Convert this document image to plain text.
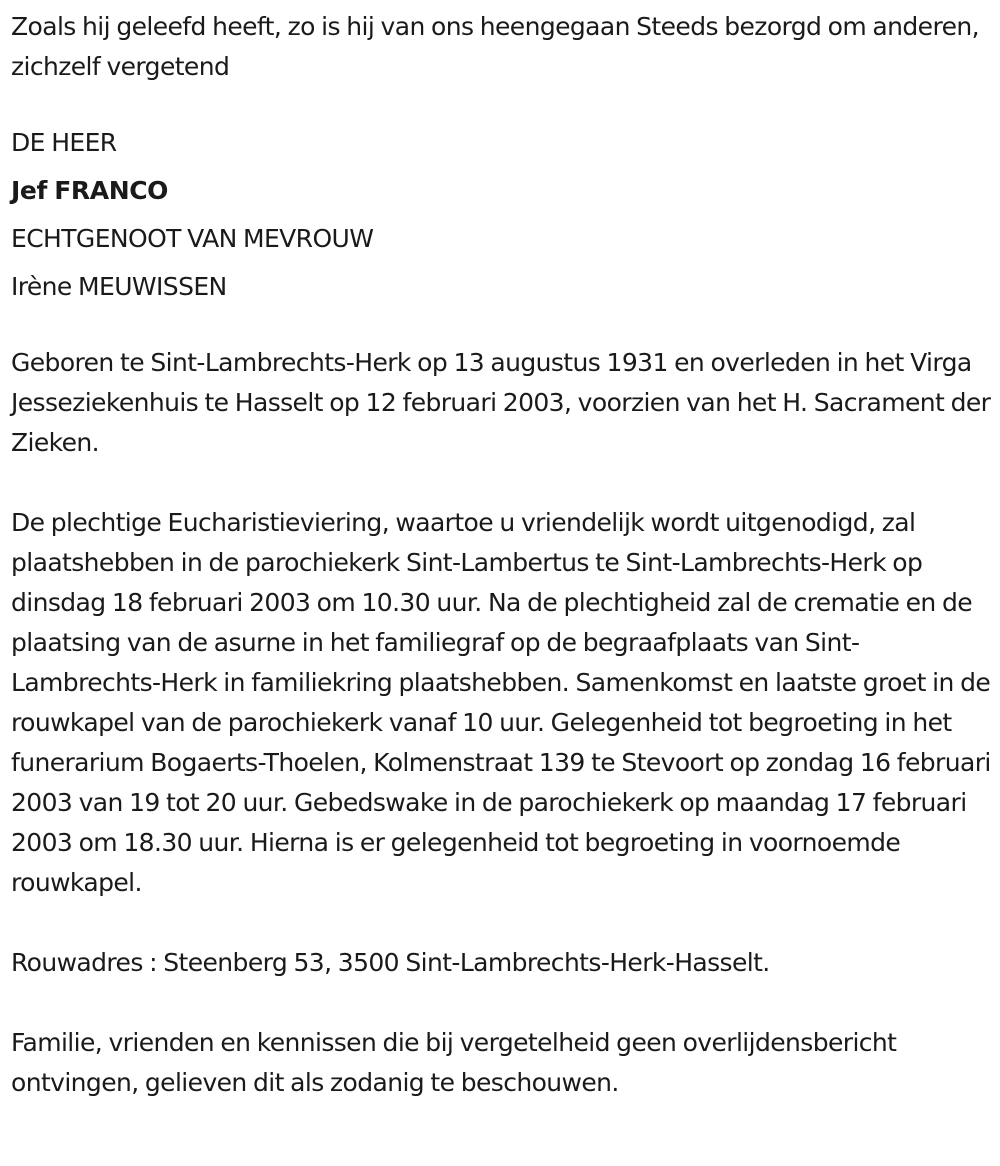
Zoals hij geleefd heeft, zo is hij van ons heengegaan Steeds bezorgd om anderen, zichzelf vergetend

DE HEER
Jef FRANCO
ECHTGENOOT VAN MEVROUW
Irène MEUWISSEN

Geboren te Sint-Lambrechts-Herk op 13 augustus 1931 en overleden in het Virga Jesseziekenhuis te Hasselt op 12 februari 2003, voorzien van het H. Sacrament der Zieken.

De plechtige Eucharistieviering, waartoe u vriendelijk wordt uitgenodigd, zal plaatshebben in de parochiekerk Sint-Lambertus te Sint-Lambrechts-Herk op dinsdag 18 februari 2003 om 10.30 uur. Na de plechtigheid zal de crematie en de plaatsing van de asurne in het familiegraf op de begraafplaats van Sint-Lambrechts-Herk in familiekring plaatshebben. Samenkomst en laatste groet in de rouwkapel van de parochiekerk vanaf 10 uur. Gelegenheid tot begroeting in het funerarium Bogaerts-Thoelen, Kolmenstraat 139 te Stevoort op zondag 16 februari 2003 van 19 tot 20 uur. Gebedswake in de parochiekerk op maandag 17 februari 2003 om 18.30 uur. Hierna is er gelegenheid tot begroeting in voornoemde rouwkapel.

Rouwadres : Steenberg 53, 3500 Sint-Lambrechts-Herk-Hasselt.

Familie, vrienden en kennissen die bij vergetelheid geen overlijdensbericht ontvingen, gelieven dit als zodanig te beschouwen.
